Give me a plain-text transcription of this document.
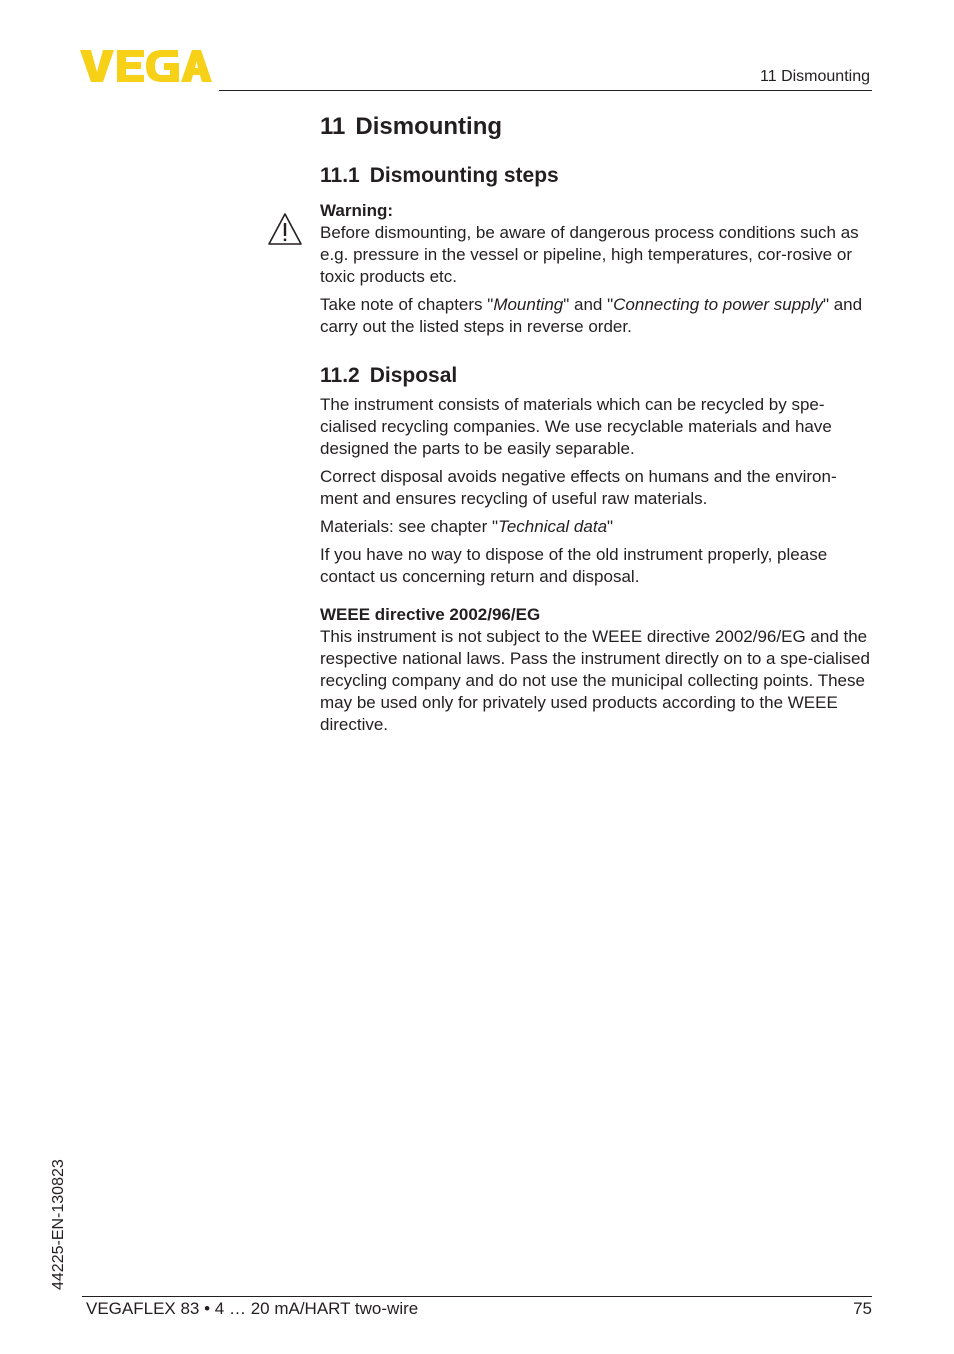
11 Dismounting
11 Dismounting
11.1 Dismounting steps

Warning:

Before dismounting, be aware of dangerous process conditions such as e.g. pressure in the vessel or pipeline, high temperatures, cor-rosive or toxic products etc.

Take note of chapters "Mounting" and "Connecting to power supply" and carry out the listed steps in reverse order.

11.2 Disposal

The instrument consists of materials which can be recycled by spe-cialised recycling companies. We use recyclable materials and have designed the parts to be easily separable.

Correct disposal avoids negative effects on humans and the environ-ment and ensures recycling of useful raw materials.

Materials: see chapter "Technical data"

If you have no way to dispose of the old instrument properly, please contact us concerning return and disposal.

WEEE directive 2002/96/EG

This instrument is not subject to the WEEE directive 2002/96/EG and the respective national laws. Pass the instrument directly on to a spe-cialised recycling company and do not use the municipal collecting points. These may be used only for privately used products according to the WEEE directive.

44225-EN-130823
VEGAFLEX 83 • 4 … 20 mA/HART two-wire	75
